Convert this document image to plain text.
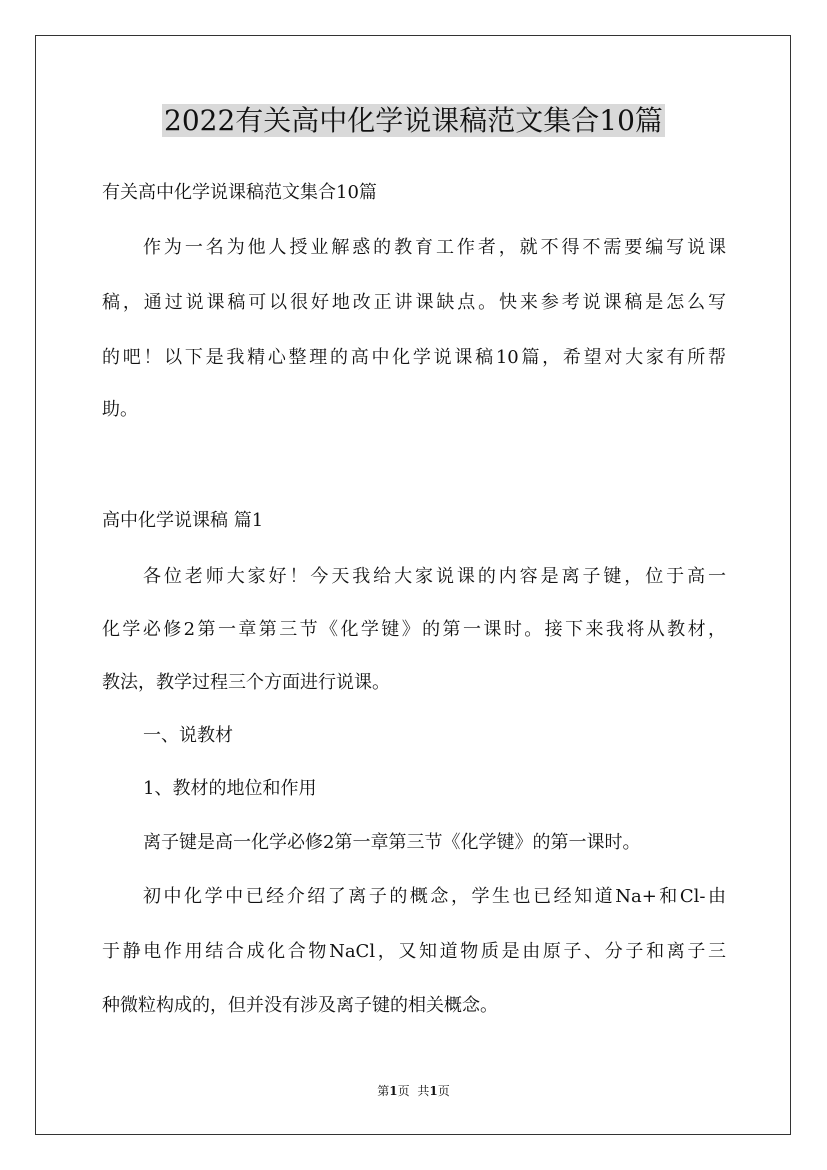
2022有关高中化学说课稿范文集合10篇

有关高中化学说课稿范文集合10篇

作为一名为他人授业解惑的教育工作者，就不得不需要编写说课

稿，通过说课稿可以很好地改正讲课缺点。快来参考说课稿是怎么写

的吧！以下是我精心整理的高中化学说课稿10篇，希望对大家有所帮

助。

高中化学说课稿 篇1

各位老师大家好！今天我给大家说课的内容是离子键，位于高一

化学必修2第一章第三节《化学键》的第一课时。接下来我将从教材，

教法，教学过程三个方面进行说课。

一、说教材

1、教材的地位和作用

离子键是高一化学必修2第一章第三节《化学键》的第一课时。

初中化学中已经介绍了离子的概念，学生也已经知道Na+和Cl-由

于静电作用结合成化合物NaCl，又知道物质是由原子、分子和离子三

种微粒构成的，但并没有涉及离子键的相关概念。

第1页 共1页
